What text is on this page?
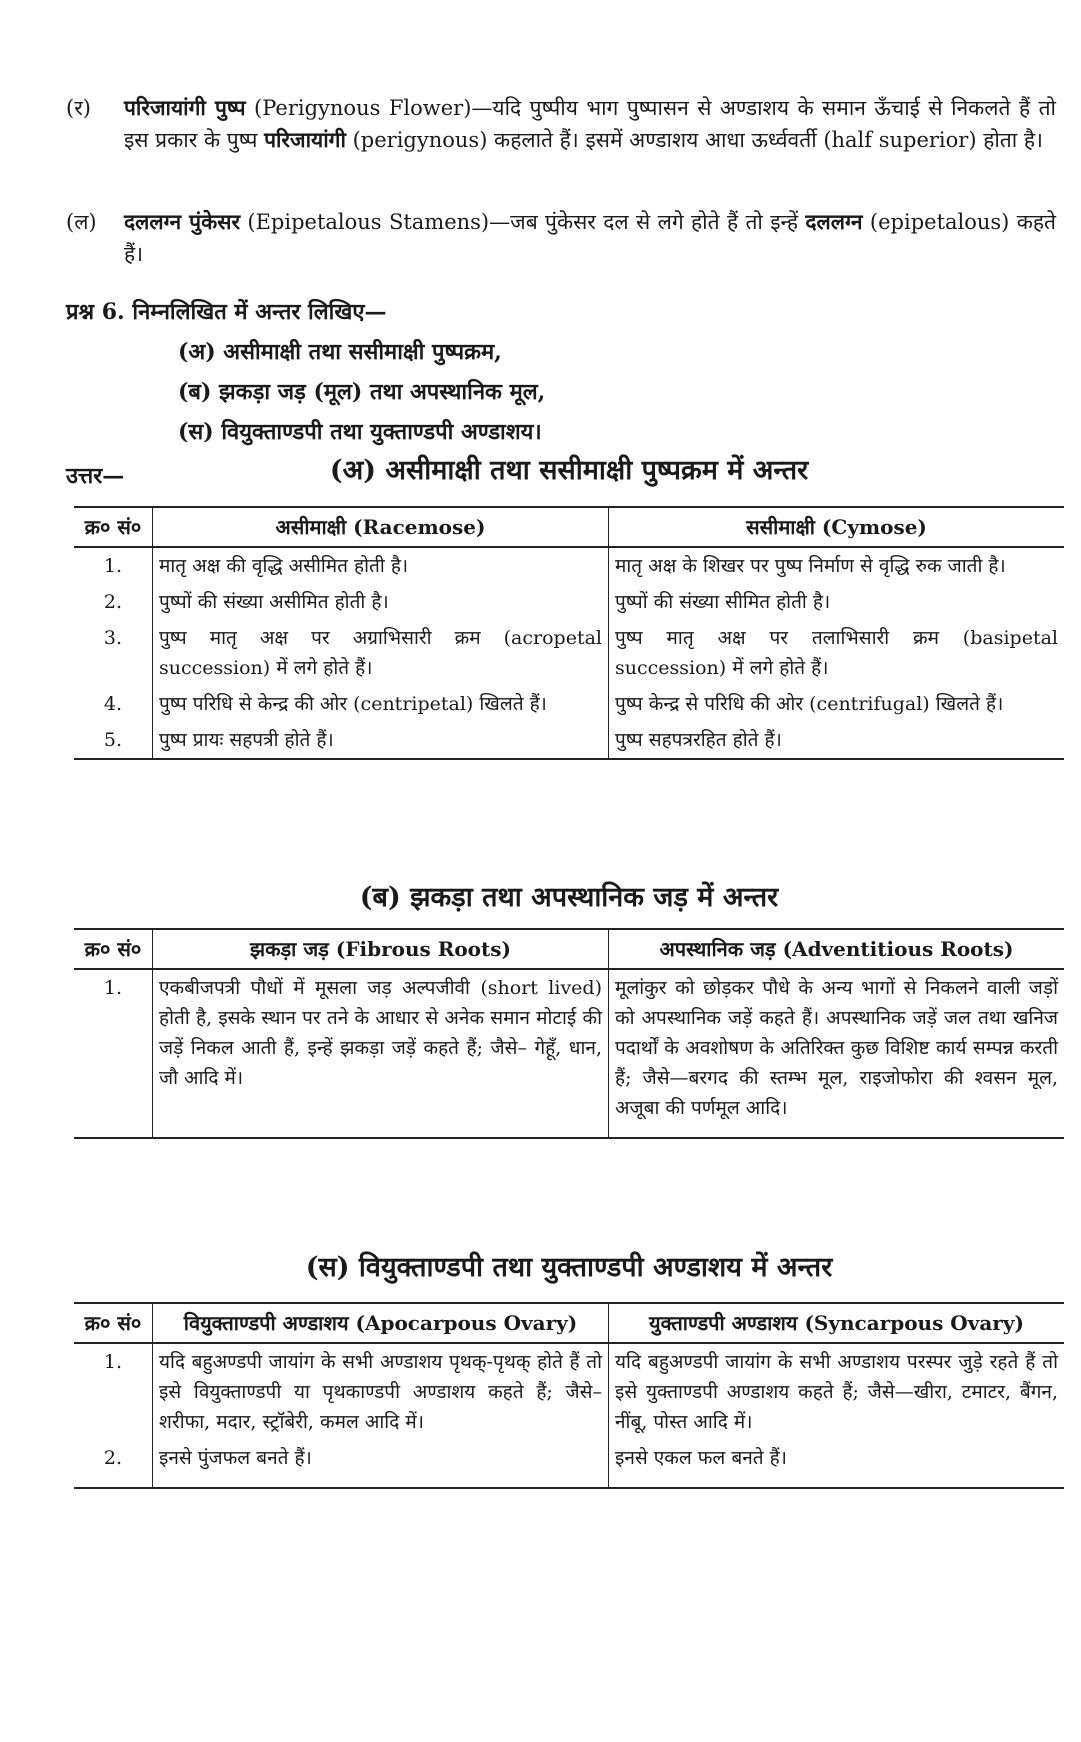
(र) परिजायांगी पुष्प (Perigynous Flower)—यदि पुष्पीय भाग पुष्पासन से अण्डाशय के समान ऊँचाई से निकलते हैं तो इस प्रकार के पुष्प परिजायांगी (perigynous) कहलाते हैं। इसमें अण्डाशय आधा ऊर्ध्ववर्ती (half superior) होता है।
(ल) दललग्न पुंकेसर (Epipetalous Stamens)—जब पुंकेसर दल से लगे होते हैं तो इन्हें दललग्न (epipetalous) कहते हैं।
प्रश्न 6. निम्नलिखित में अन्तर लिखिए—
(अ) असीमाक्षी तथा ससीमाक्षी पुष्पक्रम,
(ब) झकड़ा जड़ (मूल) तथा अपस्थानिक मूल,
(स) वियुक्ताण्डपी तथा युक्ताण्डपी अण्डाशय।
उत्तर—	(अ) असीमाक्षी तथा ससीमाक्षी पुष्पक्रम में अन्तर
क्र० सं०	असीमाक्षी (Racemose)	ससीमाक्षी (Cymose)
1.	मातृ अक्ष की वृद्धि असीमित होती है।	मातृ अक्ष के शिखर पर पुष्प निर्माण से वृद्धि रुक जाती है।
2.	पुष्पों की संख्या असीमित होती है।	पुष्पों की संख्या सीमित होती है।
3.	पुष्प मातृ अक्ष पर अग्राभिसारी क्रम (acropetal succession) में लगे होते हैं।	पुष्प मातृ अक्ष पर तलाभिसारी क्रम (basipetal succession) में लगे होते हैं।
4.	पुष्प परिधि से केन्द्र की ओर (centripetal) खिलते हैं।	पुष्प केन्द्र से परिधि की ओर (centrifugal) खिलते हैं।
5.	पुष्प प्रायः सहपत्री होते हैं।	पुष्प सहपत्ररहित होते हैं।
(ब) झकड़ा तथा अपस्थानिक जड़ में अन्तर
क्र० सं०	झकड़ा जड़ (Fibrous Roots)	अपस्थानिक जड़ (Adventitious Roots)
1.	एकबीजपत्री पौधों में मूसला जड़ अल्पजीवी (short lived) होती है, इसके स्थान पर तने के आधार से अनेक समान मोटाई की जड़ें निकल आती हैं, इन्हें झकड़ा जड़ें कहते हैं; जैसे– गेहूँ, धान, जौ आदि में।	मूलांकुर को छोड़कर पौधे के अन्य भागों से निकलने वाली जड़ों को अपस्थानिक जड़ें कहते हैं। अपस्थानिक जड़ें जल तथा खनिज पदार्थों के अवशोषण के अतिरिक्त कुछ विशिष्ट कार्य सम्पन्न करती हैं; जैसे—बरगद की स्तम्भ मूल, राइजोफोरा की श्वसन मूल, अजूबा की पर्णमूल आदि।
(स) वियुक्ताण्डपी तथा युक्ताण्डपी अण्डाशय में अन्तर
क्र० सं०	वियुक्ताण्डपी अण्डाशय (Apocarpous Ovary)	युक्ताण्डपी अण्डाशय (Syncarpous Ovary)
1.	यदि बहुअण्डपी जायांग के सभी अण्डाशय पृथक्-पृथक् होते हैं तो इसे वियुक्ताण्डपी या पृथकाण्डपी अण्डाशय कहते हैं; जैसे– शरीफा, मदार, स्ट्रॉबेरी, कमल आदि में।	यदि बहुअण्डपी जायांग के सभी अण्डाशय परस्पर जुड़े रहते हैं तो इसे युक्ताण्डपी अण्डाशय कहते हैं; जैसे—खीरा, टमाटर, बैंगन, नींबू, पोस्त आदि में।
2.	इनसे पुंजफल बनते हैं।	इनसे एकल फल बनते हैं।
